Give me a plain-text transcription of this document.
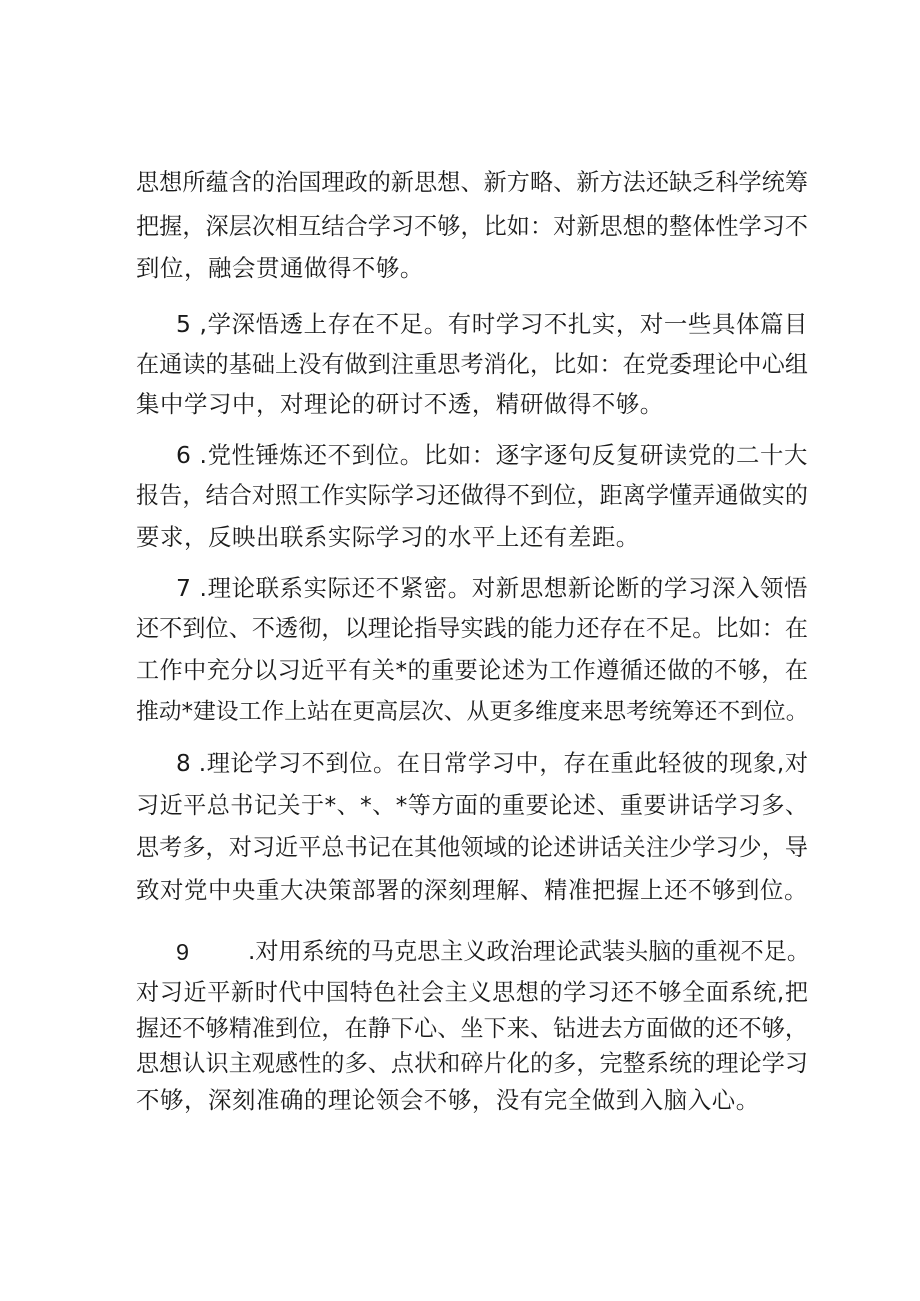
思想所蕴含的治国理政的新思想、新方略、新方法还缺乏科学统筹
把握，深层次相互结合学习不够，比如：对新思想的整体性学习不
到位，融会贯通做得不够。
5 ,学深悟透上存在不足。有时学习不扎实，对一些具体篇目
在通读的基础上没有做到注重思考消化，比如：在党委理论中心组
集中学习中，对理论的研讨不透，精研做得不够。
6 .党性锤炼还不到位。比如：逐字逐句反复研读党的二十大
报告，结合对照工作实际学习还做得不到位，距离学懂弄通做实的
要求，反映出联系实际学习的水平上还有差距。
7 .理论联系实际还不紧密。对新思想新论断的学习深入领悟
还不到位、不透彻，以理论指导实践的能力还存在不足。比如：在
工作中充分以习近平有关*的重要论述为工作遵循还做的不够，在
推动*建设工作上站在更高层次、从更多维度来思考统筹还不到位。
8 .理论学习不到位。在日常学习中，存在重此轻彼的现象,对
习近平总书记关于*、*、*等方面的重要论述、重要讲话学习多、
思考多，对习近平总书记在其他领域的论述讲话关注少学习少，导
致对党中央重大决策部署的深刻理解、精准把握上还不够到位。
9	.对用系统的马克思主义政治理论武装头脑的重视不足。
对习近平新时代中国特色社会主义思想的学习还不够全面系统,把
握还不够精准到位，在静下心、坐下来、钻进去方面做的还不够，
思想认识主观感性的多、点状和碎片化的多，完整系统的理论学习
不够，深刻准确的理论领会不够，没有完全做到入脑入心。
